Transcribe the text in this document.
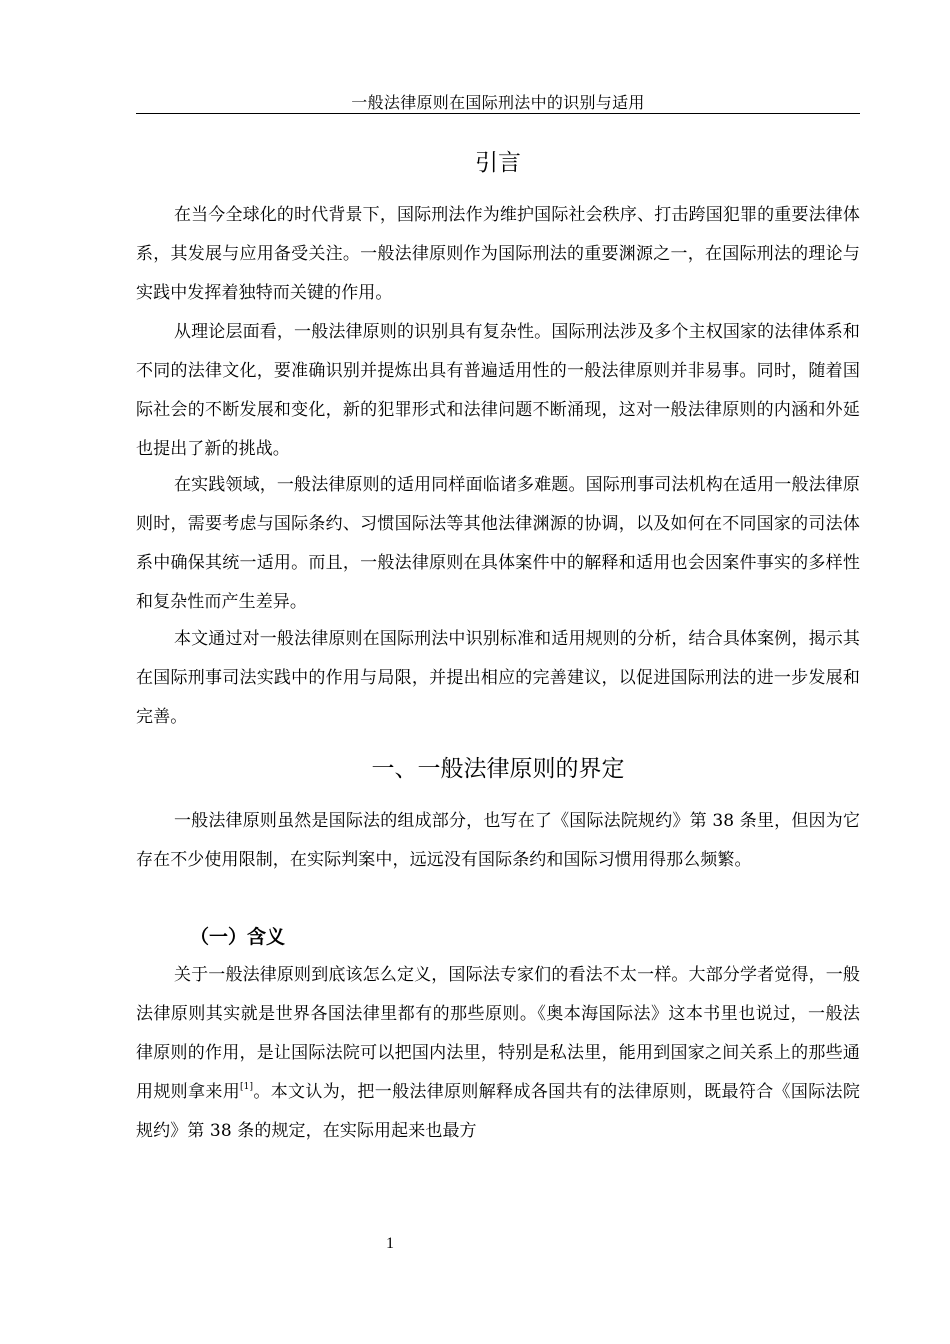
一般法律原则在国际刑法中的识别与适用
引言

在当今全球化的时代背景下，国际刑法作为维护国际社会秩序、打击跨国犯罪的重要法律体系，其发展与应用备受关注。一般法律原则作为国际刑法的重要渊源之一，在国际刑法的理论与实践中发挥着独特而关键的作用。

从理论层面看，一般法律原则的识别具有复杂性。国际刑法涉及多个主权国家的法律体系和不同的法律文化，要准确识别并提炼出具有普遍适用性的一般法律原则并非易事。同时，随着国际社会的不断发展和变化，新的犯罪形式和法律问题不断涌现，这对一般法律原则的内涵和外延也提出了新的挑战。

在实践领域，一般法律原则的适用同样面临诸多难题。国际刑事司法机构在适用一般法律原则时，需要考虑与国际条约、习惯国际法等其他法律渊源的协调，以及如何在不同国家的司法体系中确保其统一适用。而且，一般法律原则在具体案件中的解释和适用也会因案件事实的多样性和复杂性而产生差异。

本文通过对一般法律原则在国际刑法中识别标准和适用规则的分析，结合具体案例，揭示其在国际刑事司法实践中的作用与局限，并提出相应的完善建议，以促进国际刑法的进一步发展和完善。

一、一般法律原则的界定

一般法律原则虽然是国际法的组成部分，也写在了《国际法院规约》第 38 条里，但因为它存在不少使用限制，在实际判案中，远远没有国际条约和国际习惯用得那么频繁。

（一）含义

关于一般法律原则到底该怎么定义，国际法专家们的看法不太一样。大部分学者觉得，一般法律原则其实就是世界各国法律里都有的那些原则。《奥本海国际法》这本书里也说过，一般法律原则的作用，是让国际法院可以把国内法里，特别是私法里，能用到国家之间关系上的那些通用规则拿来用[1]。本文认为，把一般法律原则解释成各国共有的法律原则，既最符合《国际法院规约》第 38 条的规定，在实际用起来也最方

1
